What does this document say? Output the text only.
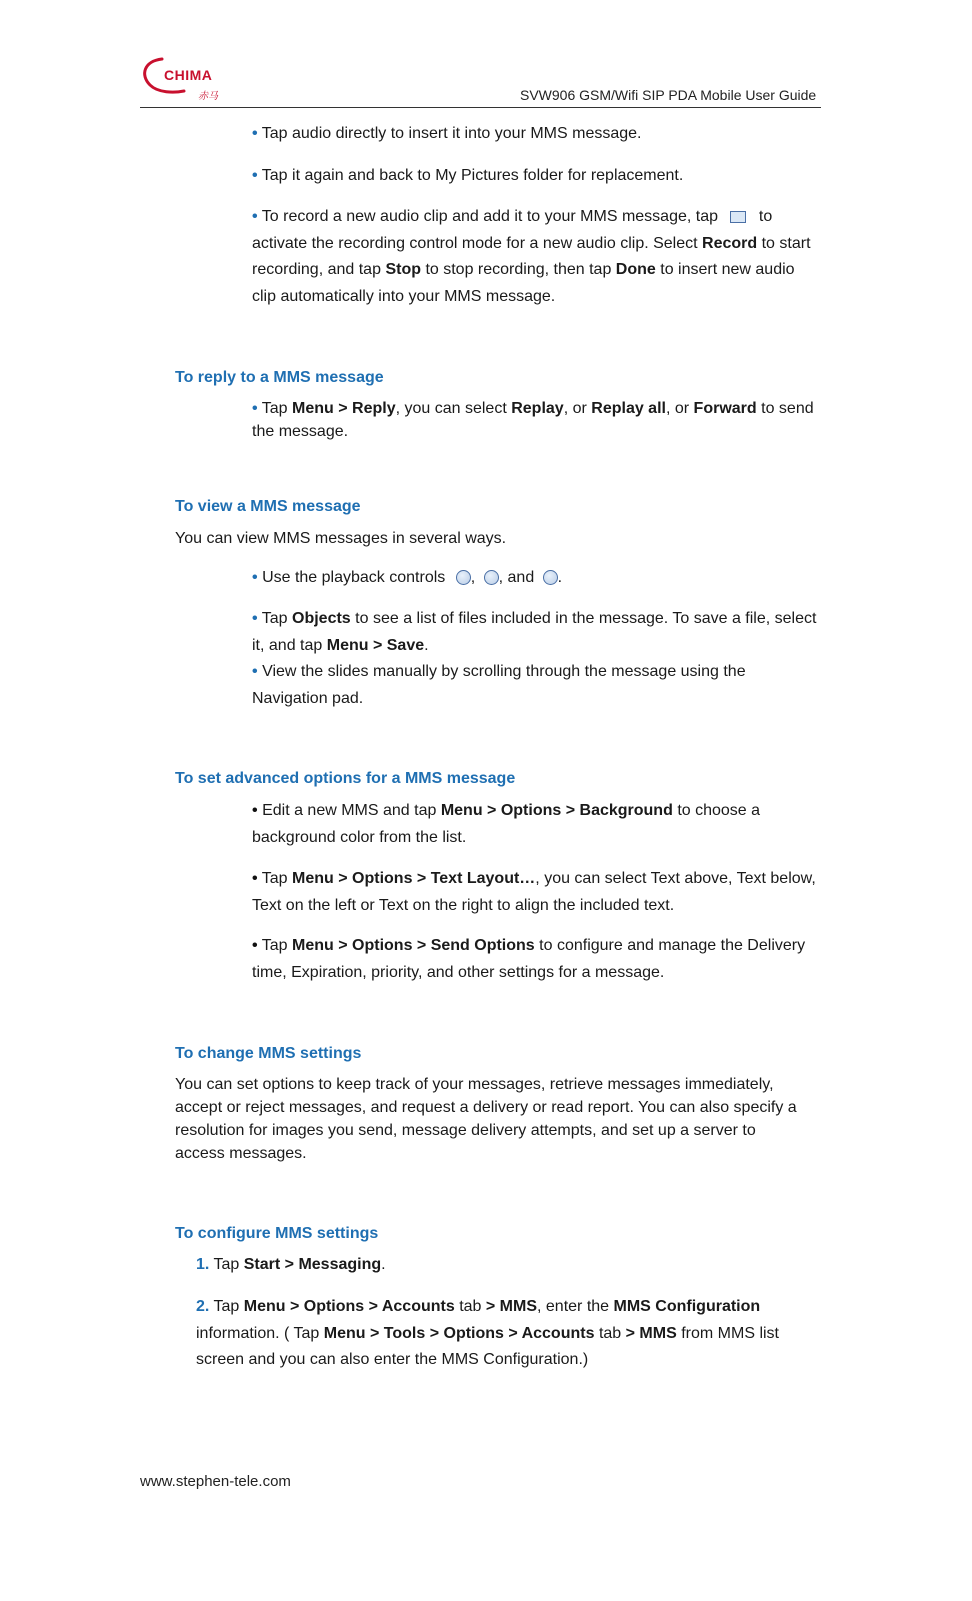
CHIMA
赤马	SVW906 GSM/Wifi SIP PDA Mobile User Guide
• Tap audio directly to insert it into your MMS message.
• Tap it again and back to My Pictures folder for replacement.
• To record a new audio clip and add it to your MMS message, tap	to activate the recording control mode for a new audio clip. Select Record to start recording, and tap Stop to stop recording, then tap Done to insert new audio clip automatically into your MMS message.
To reply to a MMS message
• Tap Menu > Reply, you can select Replay, or Replay all, or Forward to send the message.
To view a MMS message
You can view MMS messages in several ways.
• Use the playback controls , , and .
• Tap Objects to see a list of files included in the message. To save a file, select it, and tap Menu > Save.
• View the slides manually by scrolling through the message using the Navigation pad.
To set advanced options for a MMS message
• Edit a new MMS and tap Menu > Options > Background to choose a background color from the list.
• Tap Menu > Options > Text Layout…, you can select Text above, Text below, Text on the left or Text on the right to align the included text.
• Tap Menu > Options > Send Options to configure and manage the Delivery time, Expiration, priority, and other settings for a message.
To change MMS settings
You can set options to keep track of your messages, retrieve messages immediately, accept or reject messages, and request a delivery or read report. You can also specify a resolution for images you send, message delivery attempts, and set up a server to access messages.
To configure MMS settings
1. Tap Start > Messaging.
2. Tap Menu > Options > Accounts tab > MMS, enter the MMS Configuration information. ( Tap Menu > Tools > Options > Accounts tab > MMS from MMS list screen and you can also enter the MMS Configuration.)
www.stephen-tele.com
